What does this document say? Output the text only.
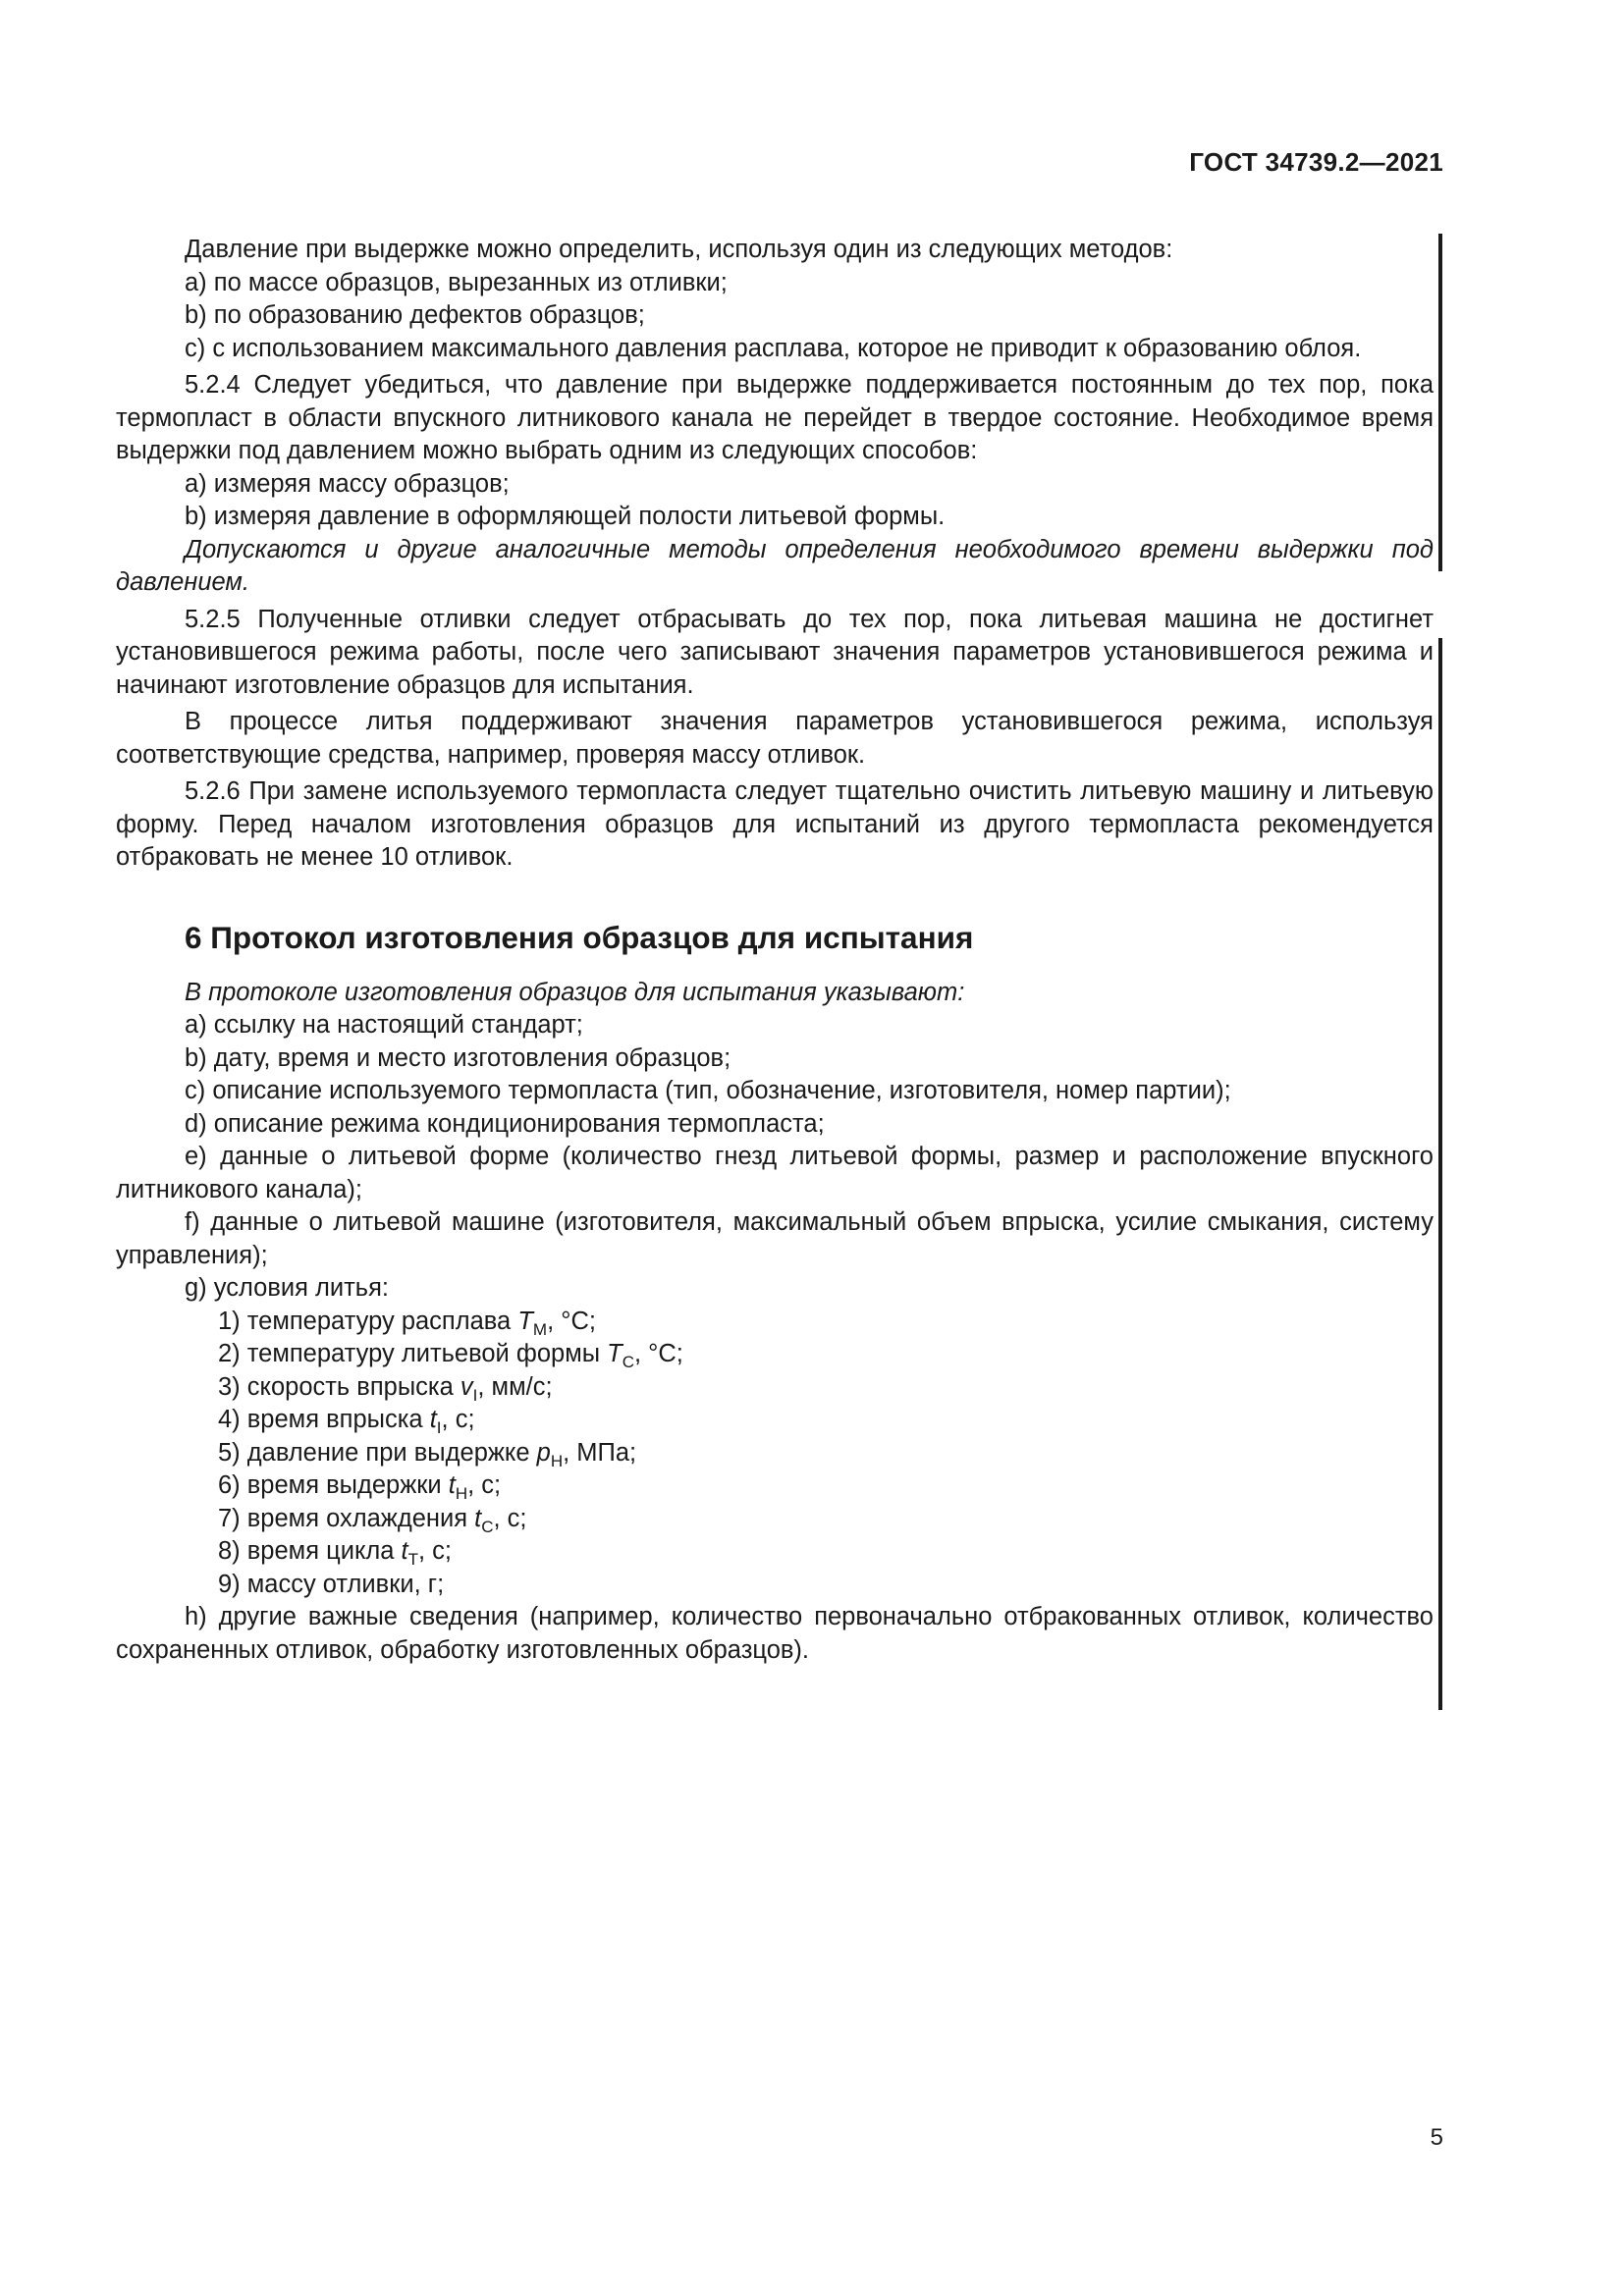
ГОСТ 34739.2—2021

Давление при выдержке можно определить, используя один из следующих методов:

a) по массе образцов, вырезанных из отливки;

b) по образованию дефектов образцов;

c) с использованием максимального давления расплава, которое не приводит к образованию облоя.

5.2.4 Следует убедиться, что давление при выдержке поддерживается постоянным до тех пор, пока термопласт в области впускного литникового канала не перейдет в твердое состояние. Необходимое время выдержки под давлением можно выбрать одним из следующих способов:

a) измеряя массу образцов;

b) измеряя давление в оформляющей полости литьевой формы.

Допускаются и другие аналогичные методы определения необходимого времени выдержки под давлением.

5.2.5 Полученные отливки следует отбрасывать до тех пор, пока литьевая машина не достигнет установившегося режима работы, после чего записывают значения параметров установившегося режима и начинают изготовление образцов для испытания.

В процессе литья поддерживают значения параметров установившегося режима, используя соответствующие средства, например, проверяя массу отливок.

5.2.6 При замене используемого термопласта следует тщательно очистить литьевую машину и литьевую форму. Перед началом изготовления образцов для испытаний из другого термопласта рекомендуется отбраковать не менее 10 отливок.

6 Протокол изготовления образцов для испытания

В протоколе изготовления образцов для испытания указывают:

a) ссылку на настоящий стандарт;

b) дату, время и место изготовления образцов;

c) описание используемого термопласта (тип, обозначение, изготовителя, номер партии);

d) описание режима кондиционирования термопласта;

e) данные о литьевой форме (количество гнезд литьевой формы, размер и расположение впускного литникового канала);

f) данные о литьевой машине (изготовителя, максимальный объем впрыска, усилие смыкания, систему управления);

g) условия литья:

1) температуру расплава $T_M$, °C;

2) температуру литьевой формы $T_C$, °C;

3) скорость впрыска $v_I$, мм/с;

4) время впрыска $t_I$, с;

5) давление при выдержке $p_H$, МПа;

6) время выдержки $t_H$, с;

7) время охлаждения $t_C$, с;

8) время цикла $t_T$, с;

9) массу отливки, г;

h) другие важные сведения (например, количество первоначально отбракованных отливок, количество сохраненных отливок, обработку изготовленных образцов).

5
